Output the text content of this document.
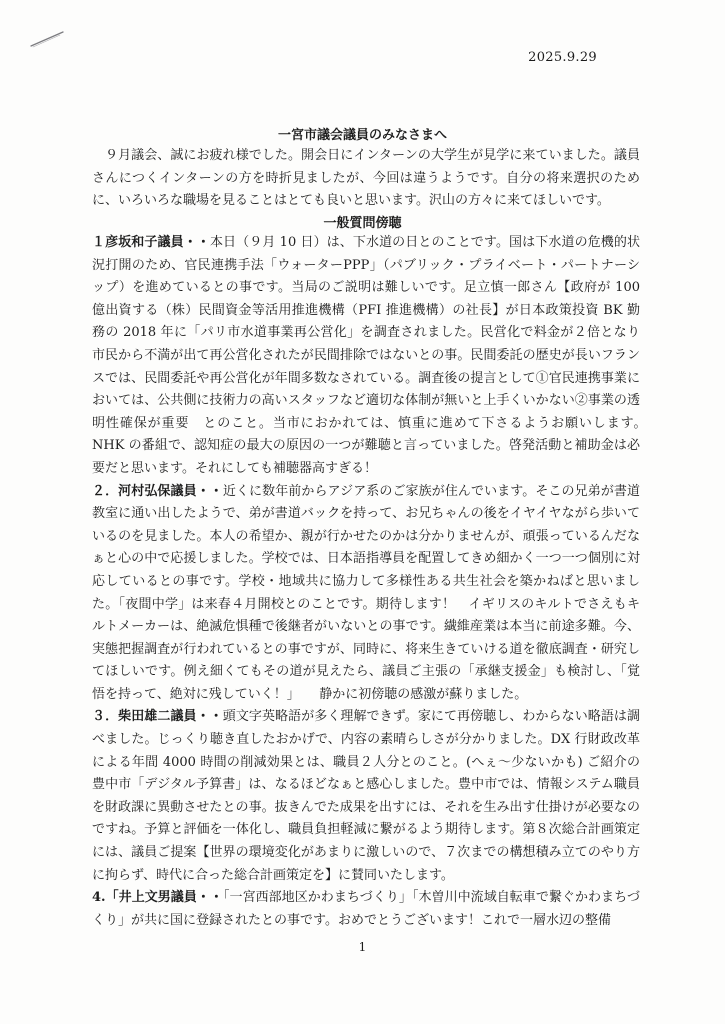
2025.9.29
一宮市議会議員のみなさまへ

９月議会、誠にお疲れ様でした。開会日にインターンの大学生が見学に来ていました。議員さんにつくインターンの方を時折見ましたが、今回は違うようです。自分の将来選択のために、いろいろな職場を見ることはとても良いと思います。沢山の方々に来てほしいです。

一般質問傍聴

１彦坂和子議員・・本日（９月 10 日）は、下水道の日とのことです。国は下水道の危機的状況打開のため、官民連携手法「ウォーターPPP」（パブリック・プライベート・パートナーシップ）を進めているとの事です。当局のご説明は難しいです。足立慎一郎さん【政府が 100 億出資する（株）民間資金等活用推進機構（PFI 推進機構）の社長】が日本政策投資 BK 勤務の 2018 年に「パリ市水道事業再公営化」を調査されました。民営化で料金が２倍となり市民から不満が出て再公営化されたが民間排除ではないとの事。民間委託の歴史が長いフランスでは、民間委託や再公営化が年間多数なされている。調査後の提言として①官民連携事業においては、公共側に技術力の高いスタッフなど適切な体制が無いと上手くいかない②事業の透明性確保が重要　とのこと。当市におかれては、慎重に進めて下さるようお願いします。　NHK の番組で、認知症の最大の原因の一つが難聴と言っていました。啓発活動と補助金は必要だと思います。それにしても補聴器高すぎる！

２．河村弘保議員・・近くに数年前からアジア系のご家族が住んでいます。そこの兄弟が書道教室に通い出したようで、弟が書道バックを持って、お兄ちゃんの後をイヤイヤながら歩いているのを見ました。本人の希望か、親が行かせたのかは分かりませんが、頑張っているんだなぁと心の中で応援しました。学校では、日本語指導員を配置してきめ細かく一つ一つ個別に対応しているとの事です。学校・地域共に協力して多様性ある共生社会を築かねばと思いました。「夜間中学」は来春４月開校とのことです。期待します！　イギリスのキルトでさえもキルトメーカーは、絶滅危惧種で後継者がいないとの事です。繊維産業は本当に前途多難。今、実態把握調査が行われているとの事ですが、同時に、将来生きていける道を徹底調査・研究してほしいです。例え細くてもその道が見えたら、議員ご主張の「承継支援金」も検討し、「覚悟を持って、絶対に残していく！」　　静かに初傍聴の感激が蘇りました。

３．柴田雄二議員・・頭文字英略語が多く理解できず。家にて再傍聴し、わからない略語は調べました。じっくり聴き直したおかげで、内容の素晴らしさが分かりました。DX 行財政改革による年間 4000 時間の削減効果とは、職員２人分とのこと。(へぇ～少ないかも) ご紹介の豊中市「デジタル予算書」は、なるほどなぁと感心しました。豊中市では、情報システム職員を財政課に異動させたとの事。抜きんでた成果を出すには、それを生み出す仕掛けが必要なのですね。予算と評価を一体化し、職員負担軽減に繋がるよう期待します。第８次総合計画策定には、議員ご提案【世界の環境変化があまりに激しいので、７次までの構想積み立てのやり方に拘らず、時代に合った総合計画策定を】に賛同いたします。

4.「井上文男議員・・「一宮西部地区かわまちづくり」「木曽川中流域自転車で繋ぐかわまちづくり」が共に国に登録されたとの事です。おめでとうございます！これで一層水辺の整備

1
